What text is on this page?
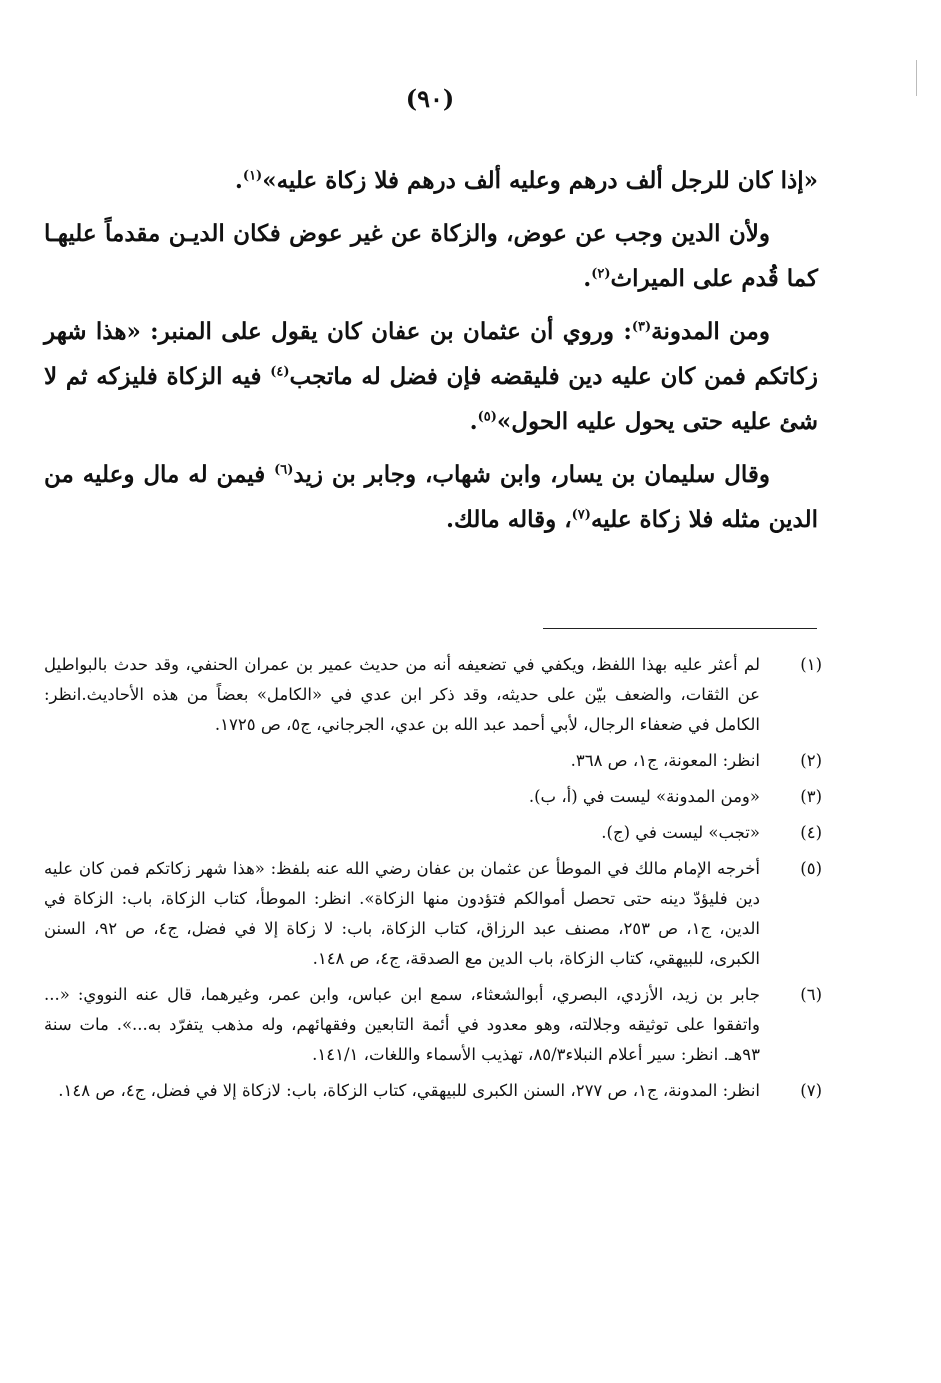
(٩٠)

«إذا كان للرجل ألف درهم وعليه ألف درهم فلا زكاة عليه»$^{(١)}$.

ولأن الدين وجب عن عوض، والزكاة عن غير عوض فكان الديـن مقدماً عليهـا كما قُدم على الميراث$^{(٢)}$.

ومن المدونة$^{(٣)}$: وروي أن عثمان بن عفان كان يقول على المنبر: «هذا شهر زكاتكم فمن كان عليه دين فليقضه فإن فضل له ماتجب$^{(٤)}$ فيه الزكاة فليزكه ثم لا شئ عليه حتى يحول عليه الحول»$^{(٥)}$.

وقال سليمان بن يسار، وابن شهاب، وجابر بن زيد$^{(٦)}$ فيمن له مال وعليه من الدين مثله فلا زكاة عليه$^{(٧)}$، وقاله مالك.

(١)
لم أعثر عليه بهذا اللفظ، ويكفي في تضعيفه أنه من حديث عمير بن عمران الحنفي، وقد حدث بالبواطيل عن الثقات، والضعف بيّن على حديثه، وقد ذكر ابن عدي في «الكامل» بعضاً من هذه الأحاديث.انظر: الكامل في ضعفاء الرجال، لأبي أحمد عبد الله بن عدي، الجرجاني، ج٥، ص ١٧٢٥.
(٢)
انظر: المعونة، ج١، ص ٣٦٨.
(٣)
«ومن المدونة» ليست في (أ، ب).
(٤)
«تجب» ليست في (ج).
(٥)
أخرجه الإمام مالك في الموطأ عن عثمان بن عفان رضي الله عنه بلفظ: «هذا شهر زكاتكم فمن كان عليه دين فليؤدّ دينه حتى تحصل أموالكم فتؤدون منها الزكاة». انظر: الموطأ، كتاب الزكاة، باب: الزكاة في الدين، ج١، ص ٢٥٣، مصنف عبد الرزاق، كتاب الزكاة، باب: لا زكاة إلا في فضل، ج٤، ص ٩٢، السنن الكبرى، للبيهقي، كتاب الزكاة، باب الدين مع الصدقة، ج٤، ص ١٤٨.
(٦)
جابر بن زيد، الأزدي، البصري، أبوالشعثاء، سمع ابن عباس، وابن عمر، وغيرهما، قال عنه النووي: «... واتفقوا على توثيقه وجلالته، وهو معدود في أئمة التابعين وفقهائهم، وله مذهب يتفرّد به...». مات سنة ٩٣هـ. انظر: سير أعلام النبلاء٨٥/٣، تهذيب الأسماء واللغات، ١٤١/١.
(٧)
انظر: المدونة، ج١، ص ٢٧٧، السنن الكبرى للبيهقي، كتاب الزكاة، باب: لازكاة إلا في فضل، ج٤، ص ١٤٨.
